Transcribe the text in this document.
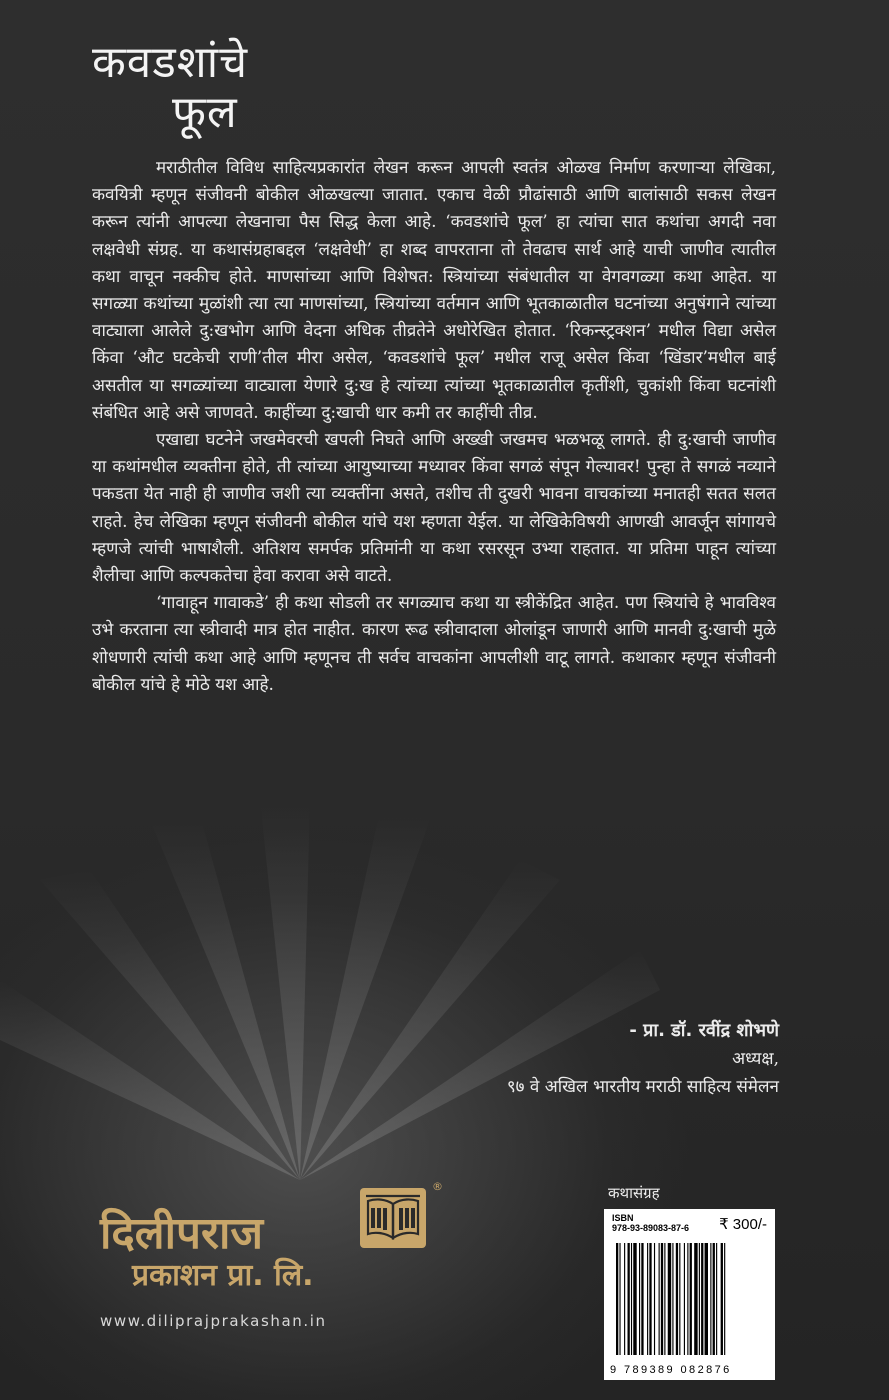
कवडशांचे
फूल

मराठीतील विविध साहित्यप्रकारांत लेखन करून आपली स्वतंत्र ओळख निर्माण करणाऱ्या लेखिका, कवयित्री म्हणून संजीवनी बोकील ओळखल्या जातात. एकाच वेळी प्रौढांसाठी आणि बालांसाठी सकस लेखन करून त्यांनी आपल्या लेखनाचा पैस सिद्ध केला आहे. ‘कवडशांचे फूल’ हा त्यांचा सात कथांचा अगदी नवा लक्षवेधी संग्रह. या कथासंग्रहाबद्दल ‘लक्षवेधी’ हा शब्द वापरताना तो तेवढाच सार्थ आहे याची जाणीव त्यातील कथा वाचून नक्कीच होते. माणसांच्या आणि विशेषत: स्त्रियांच्या संबंधातील या वेगवगळ्या कथा आहेत. या सगळ्या कथांच्या मुळांशी त्या त्या माणसांच्या, स्त्रियांच्या वर्तमान आणि भूतकाळातील घटनांच्या अनुषंगाने त्यांच्या वाट्याला आलेले दु:खभोग आणि वेदना अधिक तीव्रतेने अधोरेखित होतात. ‘रिकन्स्ट्रक्शन’ मधील विद्या असेल किंवा ‘औट घटकेची राणी’तील मीरा असेल, ‘कवडशांचे फूल’ मधील राजू असेल किंवा ‘खिंडार’मधील बाई असतील या सगळ्यांच्या वाट्याला येणारे दु:ख हे त्यांच्या त्यांच्या भूतकाळातील कृतींशी, चुकांशी किंवा घटनांशी संबंधित आहे असे जाणवते. काहींच्या दु:खाची धार कमी तर काहींची तीव्र.

एखाद्या घटनेने जखमेवरची खपली निघते आणि अख्खी जखमच भळभळू लागते. ही दु:खाची जाणीव या कथांमधील व्यक्तीना होते, ती त्यांच्या आयुष्याच्या मध्यावर किंवा सगळं संपून गेल्यावर! पुन्हा ते सगळं नव्याने पकडता येत नाही ही जाणीव जशी त्या व्यक्तींना असते, तशीच ती दुखरी भावना वाचकांच्या मनातही सतत सलत राहते. हेच लेखिका म्हणून संजीवनी बोकील यांचे यश म्हणता येईल. या लेखिकेविषयी आणखी आवर्जून सांगायचे म्हणजे त्यांची भाषाशैली. अतिशय समर्पक प्रतिमांनी या कथा रसरसून उभ्या राहतात. या प्रतिमा पाहून त्यांच्या शैलीचा आणि कल्पकतेचा हेवा करावा असे वाटते.

‘गावाहून गावाकडे’ ही कथा सोडली तर सगळ्याच कथा या स्त्रीकेंद्रित आहेत. पण स्त्रियांचे हे भावविश्व उभे करताना त्या स्त्रीवादी मात्र होत नाहीत. कारण रूढ स्त्रीवादाला ओलांडून जाणारी आणि मानवी दु:खाची मुळे शोधणारी त्यांची कथा आहे आणि म्हणूनच ती सर्वच वाचकांना आपलीशी वाटू लागते. कथाकार म्हणून संजीवनी बोकील यांचे हे मोठे यश आहे.

- प्रा. डॉ. रवींद्र शोभणे
अध्यक्ष,
९७ वे अखिल भारतीय मराठी साहित्य संमेलन
दिलीपराज
प्रकाशन प्रा. लि.
®
www.diliprajprakashan.in
कथासंग्रह
ISBN
978-93-89083-87-6 ₹ 300/-
9 789389 082876
